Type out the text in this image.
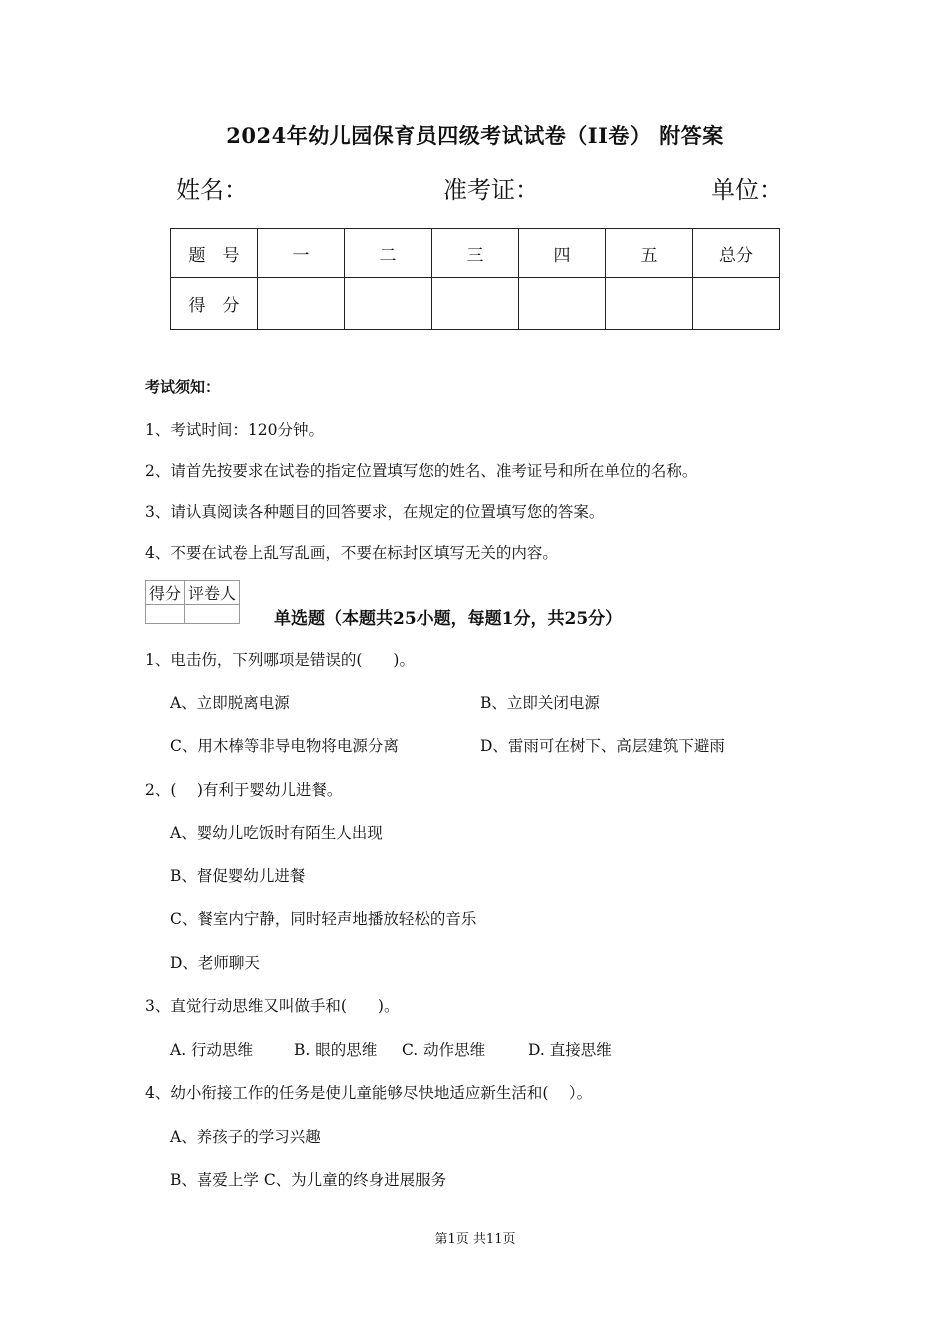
2024年幼儿园保育员四级考试试卷（II卷） 附答案
姓名：	准考证：	单位：
题　号	一	二	三	四	五	总分
得　分						
考试须知：
1、考试时间：120分钟。
2、请首先按要求在试卷的指定位置填写您的姓名、准考证号和所在单位的名称。
3、请认真阅读各种题目的回答要求，在规定的位置填写您的答案。
4、不要在试卷上乱写乱画，不要在标封区填写无关的内容。
得分	评卷人

单选题（本题共25小题，每题1分，共25分）
1、电击伤，下列哪项是错误的(　　)。
A、立即脱离电源	B、立即关闭电源
C、用木棒等非导电物将电源分离	D、雷雨可在树下、高层建筑下避雨
2、(　 )有利于婴幼儿进餐。
A、婴幼儿吃饭时有陌生人出现
B、督促婴幼儿进餐
C、餐室内宁静，同时轻声地播放轻松的音乐
D、老师聊天
3、直觉行动思维又叫做手和(　　)。
A. 行动思维	B. 眼的思维 C. 动作思维	D. 直接思维
4、幼小衔接工作的任务是使儿童能够尽快地适应新生活和(　 ）。
A、养孩子的学习兴趣
B、喜爱上学 C、为儿童的终身进展服务
第1页 共11页
